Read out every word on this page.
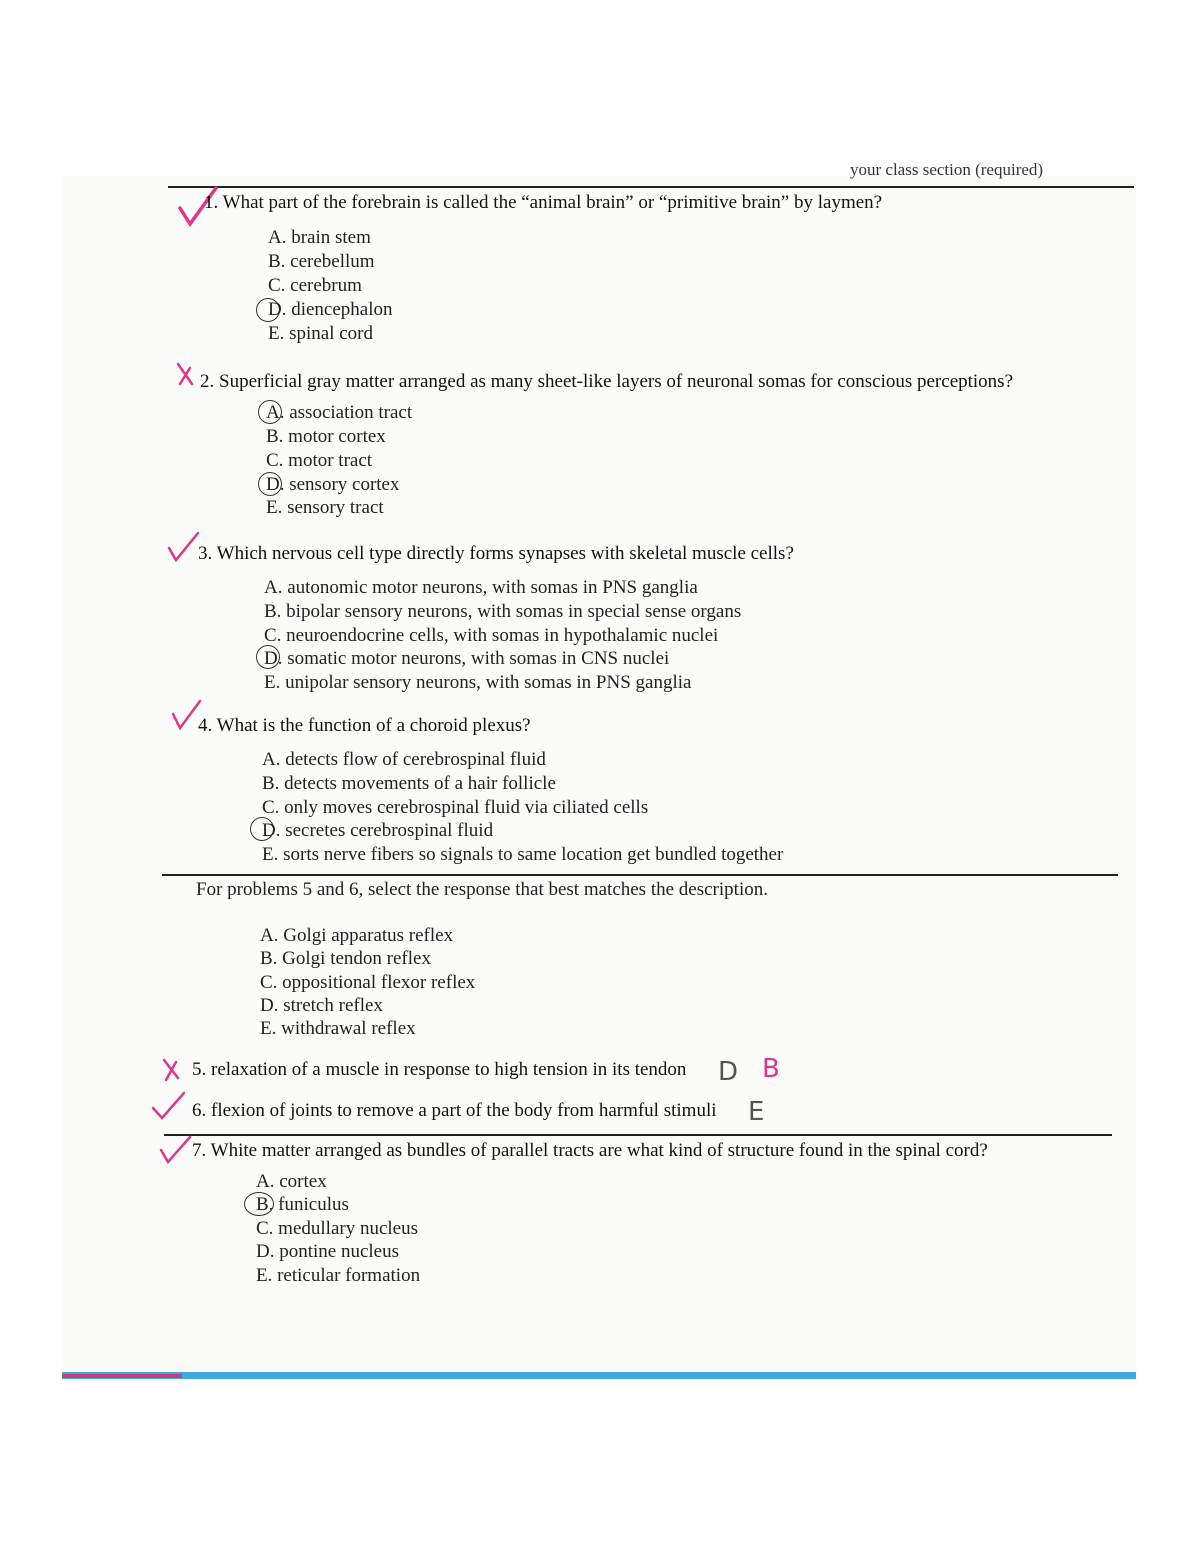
your class section (required)
1. What part of the forebrain is called the “animal brain” or “primitive brain” by laymen?
A. brain stem
B. cerebellum
C. cerebrum
D. diencephalon
E. spinal cord
2. Superficial gray matter arranged as many sheet-like layers of neuronal somas for conscious perceptions?
A. association tract
B. motor cortex
C. motor tract
D. sensory cortex
E. sensory tract
3. Which nervous cell type directly forms synapses with skeletal muscle cells?
A. autonomic motor neurons, with somas in PNS ganglia
B. bipolar sensory neurons, with somas in special sense organs
C. neuroendocrine cells, with somas in hypothalamic nuclei
D. somatic motor neurons, with somas in CNS nuclei
E. unipolar sensory neurons, with somas in PNS ganglia
4. What is the function of a choroid plexus?
A. detects flow of cerebrospinal fluid
B. detects movements of a hair follicle
C. only moves cerebrospinal fluid via ciliated cells
D. secretes cerebrospinal fluid
E. sorts nerve fibers so signals to same location get bundled together
For problems 5 and 6, select the response that best matches the description.
A. Golgi apparatus reflex
B. Golgi tendon reflex
C. oppositional flexor reflex
D. stretch reflex
E. withdrawal reflex
5. relaxation of a muscle in response to high tension in its tendon D B
6. flexion of joints to remove a part of the body from harmful stimuli E
7. White matter arranged as bundles of parallel tracts are what kind of structure found in the spinal cord?
A. cortex
B. funiculus
C. medullary nucleus
D. pontine nucleus
E. reticular formation
